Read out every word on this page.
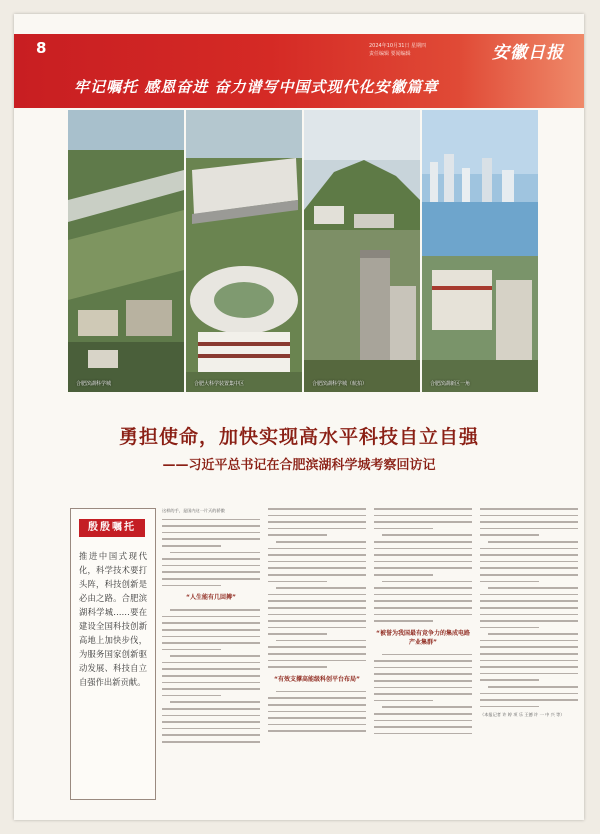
8	2024年10月31日 星期四
责任编辑 要闻编辑	安徽日报
牢记嘱托 感恩奋进 奋力谱写中国式现代化安徽篇章
合肥滨湖科学城	合肥大科学装置集中区	合肥滨湖科学城（航拍）	合肥滨湖新区一角
勇担使命，加快实现高水平科技自立自强
——习近平总书记在合肥滨湖科学城考察回访记
殷殷嘱托
推进中国式现代化，科学技术要打头阵，科技创新是必由之路。合肥滨湖科学城……要在建设全国科技创新高地上加快步伐，为服务国家创新驱动发展、科技自立自强作出新贡献。

这样的手，是国内这一片天的骄傲

“人生能有几回搏”
“有效支撑高能级科创平台布局”
“被誉为我国最有竞争力的集成电路产业集群”

（本报记者 许 婷 项 乐 王德 许 一 中 兴 等）
